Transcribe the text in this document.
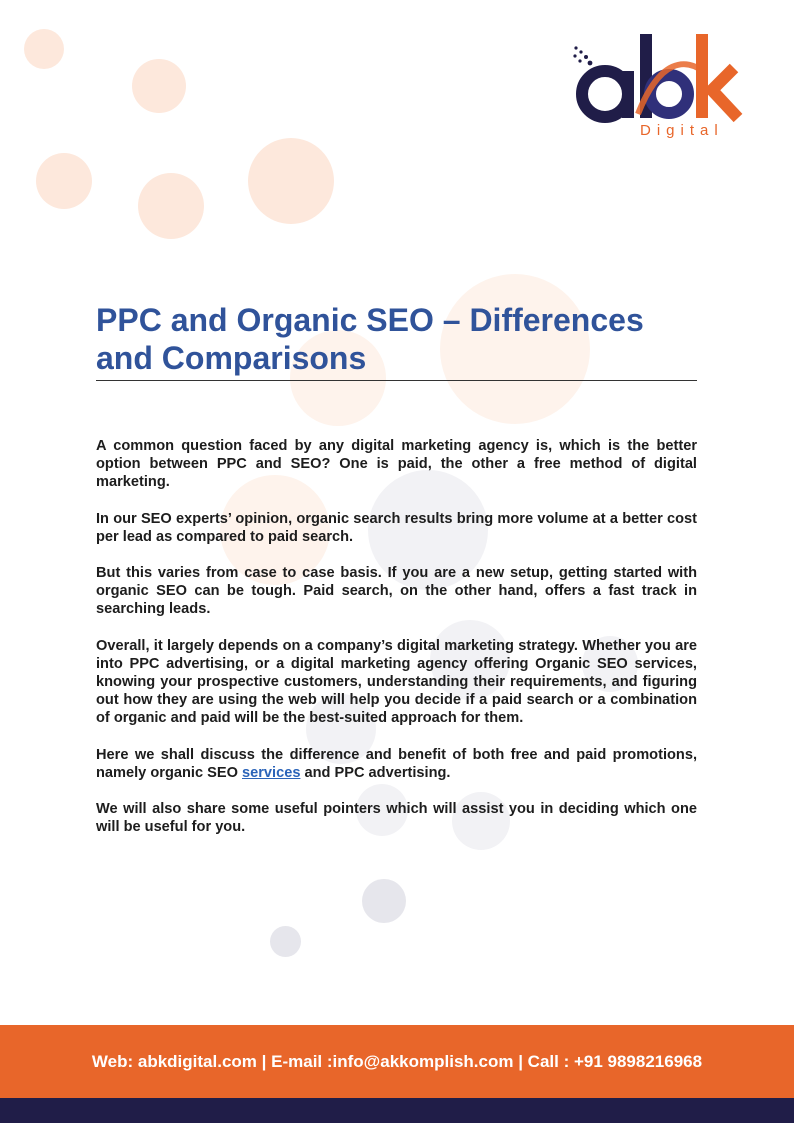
abk
Digital
PPC and Organic SEO – Differences and Comparisons

A common question faced by any digital marketing agency is, which is the better option between PPC and SEO? One is paid, the other a free method of digital marketing.

In our SEO experts’ opinion, organic search results bring more volume at a better cost per lead as compared to paid search.

But this varies from case to case basis. If you are a new setup, getting started with organic SEO can be tough. Paid search, on the other hand, offers a fast track in searching leads.

Overall, it largely depends on a company’s digital marketing strategy. Whether you are into PPC advertising, or a digital marketing agency offering Organic SEO services, knowing your prospective customers, understanding their requirements, and figuring out how they are using the web will help you decide if a paid search or a combination of organic and paid will be the best-suited approach for them.

Here we shall discuss the difference and benefit of both free and paid promotions, namely organic SEO services and PPC advertising.

We will also share some useful pointers which will assist you in deciding which one will be useful for you.

Web: abkdigital.com | E-mail :info@akkomplish.com | Call : +91 9898216968
